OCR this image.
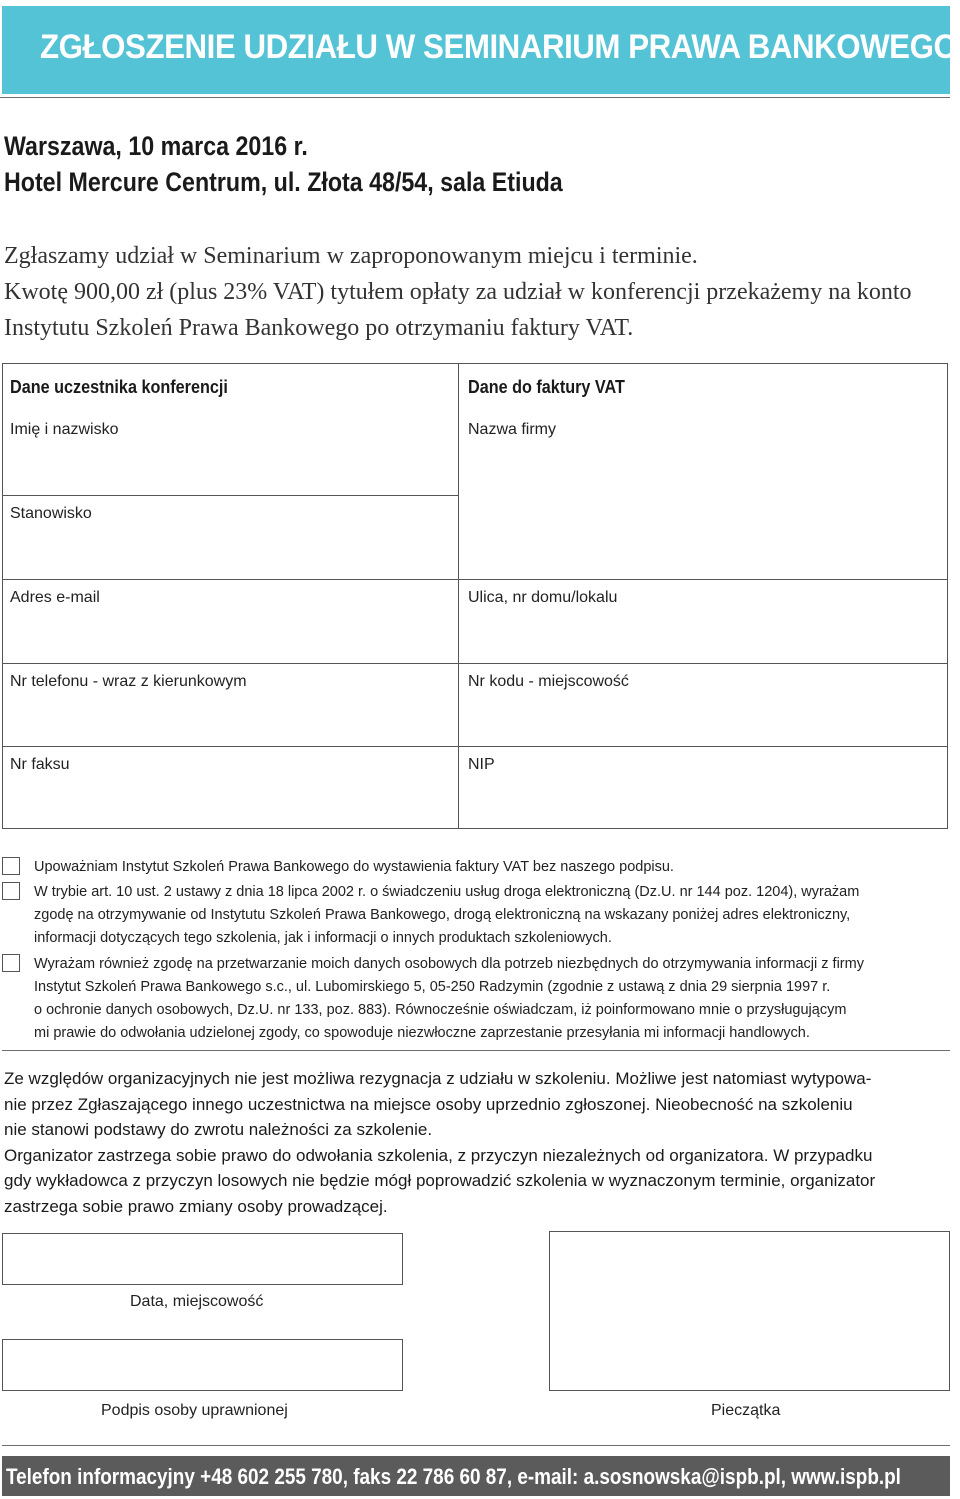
ZGŁOSZENIE UDZIAŁU W SEMINARIUM PRAWA BANKOWEGO
Warszawa, 10 marca 2016 r.
Hotel Mercure Centrum, ul. Złota 48/54, sala Etiuda
Zgłaszamy udział w Seminarium w zaproponowanym miejcu i terminie.
Kwotę 900,00 zł (plus 23% VAT) tytułem opłaty za udział w konferencji przekażemy na konto
Instytutu Szkoleń Prawa Bankowego po otrzymaniu faktury VAT.
Dane uczestnika konferencji	Dane do faktury VAT
Imię i nazwisko	Nazwa firmy
Stanowisko
Adres e-mail	Ulica, nr domu/lokalu
Nr telefonu - wraz z kierunkowym	Nr kodu - miejscowość
Nr faksu	NIP
Upoważniam Instytut Szkoleń Prawa Bankowego do wystawienia faktury VAT bez naszego podpisu.
W trybie art. 10 ust. 2 ustawy z dnia 18 lipca 2002 r. o świadczeniu usług droga elektroniczną (Dz.U. nr 144 poz. 1204), wyrażam
zgodę na otrzymywanie od Instytutu Szkoleń Prawa Bankowego, drogą elektroniczną na wskazany poniżej adres elektroniczny,
informacji dotyczących tego szkolenia, jak i informacji o innych produktach szkoleniowych.
Wyrażam również zgodę na przetwarzanie moich danych osobowych dla potrzeb niezbędnych do otrzymywania informacji z firmy
Instytut Szkoleń Prawa Bankowego s.c., ul. Lubomirskiego 5, 05-250 Radzymin (zgodnie z ustawą z dnia 29 sierpnia 1997 r.
o ochronie danych osobowych, Dz.U. nr 133, poz. 883). Równocześnie oświadczam, iż poinformowano mnie o przysługującym
mi prawie do odwołania udzielonej zgody, co spowoduje niezwłoczne zaprzestanie przesyłania mi informacji handlowych.
Ze względów organizacyjnych nie jest możliwa rezygnacja z udziału w szkoleniu. Możliwe jest natomiast wytypowa-
nie przez Zgłaszającego innego uczestnictwa na miejsce osoby uprzednio zgłoszonej. Nieobecność na szkoleniu
nie stanowi podstawy do zwrotu należności za szkolenie.
Organizator zastrzega sobie prawo do odwołania szkolenia, z przyczyn niezależnych od organizatora. W przypadku
gdy wykładowca z przyczyn losowych nie będzie mógł poprowadzić szkolenia w wyznaczonym terminie, organizator
zastrzega sobie prawo zmiany osoby prowadzącej.
Data, miejscowość
Podpis osoby uprawnionej	Pieczątka
Telefon informacyjny +48 602 255 780, faks 22 786 60 87, e-mail: a.sosnowska@ispb.pl, www.ispb.pl
